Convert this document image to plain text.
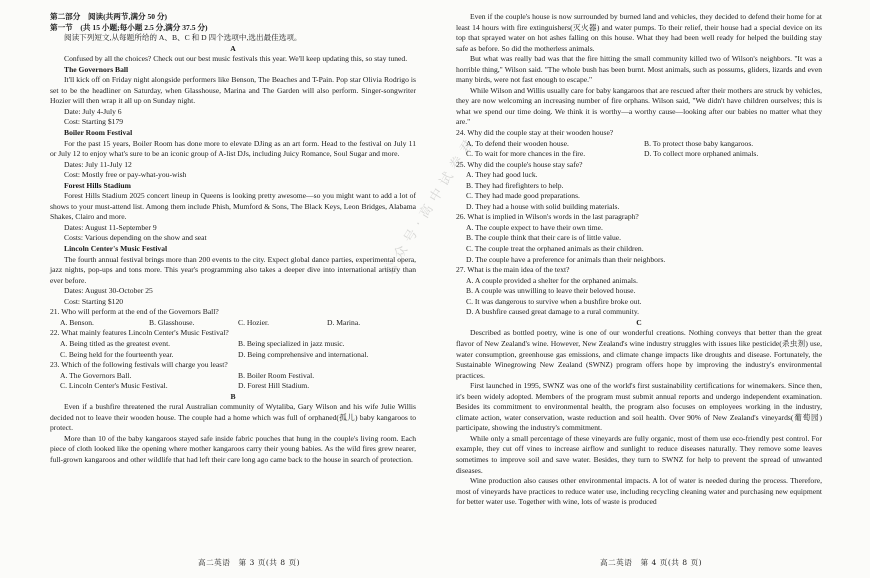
第二部分　阅读(共两节,满分 50 分)

第一节　(共 15 小题;每小题 2.5 分,满分 37.5 分)

阅读下列短文,从每题所给的 A、B、C 和 D 四个选项中,选出最佳选项。

A

Confused by all the choices? Check out our best music festivals this year. We'll keep updating this, so stay tuned.

The Governors Ball

It'll kick off on Friday night alongside performers like Benson, The Beaches and T-Pain. Pop star Olivia Rodrigo is set to be the headliner on Saturday, when Glasshouse, Marina and The Garden will also perform. Singer-songwriter Hozier will then wrap it all up on Sunday night.

Date: July 4-July 6

Cost: Starting $179

Boiler Room Festival

For the past 15 years, Boiler Room has done more to elevate DJing as an art form. Head to the festival on July 11 or July 12 to enjoy what's sure to be an iconic group of A-list DJs, including Juicy Romance, Soul Sugar and more.

Dates: July 11-July 12

Cost: Mostly free or pay-what-you-wish

Forest Hills Stadium

Forest Hills Stadium 2025 concert lineup in Queens is looking pretty awesome—so you might want to add a lot of shows to your must-attend list. Among them include Phish, Mumford & Sons, The Black Keys, Leon Bridges, Alabama Shakes, Clairo and more.

Dates: August 11-September 9

Costs: Various depending on the show and seat

Lincoln Center's Music Festival

The fourth annual festival brings more than 200 events to the city. Expect global dance parties, experimental opera, jazz nights, pop-ups and tons more. This year's programming also takes a deeper dive into international artistry than ever before.

Dates: August 30-October 25

Cost: Starting $120

21. Who will perform at the end of the Governors Ball?

A. Benson.	B. Glasshouse.	C. Hozier.	D. Marina.

22. What mainly features Lincoln Center's Music Festival?

A. Being titled as the greatest event.	B. Being specialized in jazz music.
C. Being held for the fourteenth year.	D. Being comprehensive and international.

23. Which of the following festivals will charge you least?

A. The Governors Ball.	B. Boiler Room Festival.
C. Lincoln Center's Music Festival.	D. Forest Hill Stadium.

B

Even if a bushfire threatened the rural Australian community of Wytaliba, Gary Wilson and his wife Julie Willis decided not to leave their wooden house. The couple had a home which was full of orphaned(孤儿) baby kangaroos to protect.

More than 10 of the baby kangaroos stayed safe inside fabric pouches that hung in the couple's living room. Each piece of cloth looked like the opening where mother kangaroos carry their young babies. As the wild fires grew nearer, full-grown kangaroos and other wildlife that had left their care long ago came back to the house in search of protection.

Even if the couple's house is now surrounded by burned land and vehicles, they decided to defend their home for at least 14 hours with fire extinguishers(灭火器) and water pumps. To their relief, their house had a special device on its top that sprayed water on hot ashes falling on this house. What they had been well ready for helped the building stay safe as before. So did the motherless animals.

But what was really bad was that the fire hitting the small community killed two of Wilson's neighbors. "It was a horrible thing," Wilson said. "The whole bush has been burnt. Most animals, such as possums, gliders, lizards and even many birds, were not fast enough to escape."

While Wilson and Willis usually care for baby kangaroos that are rescued after their mothers are struck by vehicles, they are now welcoming an increasing number of fire orphans. Wilson said, "We didn't have children ourselves; this is what we spend our time doing. We think it is worthy—a worthy cause—looking after our babies no matter what they are."

24. Why did the couple stay at their wooden house?

A. To defend their wooden house.	B. To protect those baby kangaroos.
C. To wait for more chances in the fire.	D. To collect more orphaned animals.

25. Why did the couple's house stay safe?

A. They had good luck.

B. They had firefighters to help.

C. They had made good preparations.

D. They had a house with solid building materials.

26. What is implied in Wilson's words in the last paragraph?

A. The couple expect to have their own time.

B. The couple think that their care is of little value.

C. The couple treat the orphaned animals as their children.

D. The couple have a preference for animals than their neighbors.

27. What is the main idea of the text?

A. A couple provided a shelter for the orphaned animals.

B. A couple was unwilling to leave their beloved house.

C. It was dangerous to survive when a bushfire broke out.

D. A bushfire caused great damage to a rural community.

C

Described as bottled poetry, wine is one of our wonderful creations. Nothing conveys that better than the great flavor of New Zealand's wine. However, New Zealand's wine industry struggles with issues like pesticide(杀虫剂) use, water consumption, greenhouse gas emissions, and climate change impacts like droughts and disease. Fortunately, the Sustainable Winegrowing New Zealand (SWNZ) program offers hope by improving the industry's environmental practices.

First launched in 1995, SWNZ was one of the world's first sustainability certifications for winemakers. Since then, it's been widely adopted. Members of the program must submit annual reports and undergo independent examination. Besides its commitment to environmental health, the program also focuses on employees working in the industry, climate action, water conservation, waste reduction and soil health. Over 90% of New Zealand's vineyards(葡萄园) participate, showing the industry's commitment.

While only a small percentage of these vineyards are fully organic, most of them use eco-friendly pest control. For example, they cut off vines to increase airflow and sunlight to reduce diseases naturally. They remove some leaves sometimes to improve soil and save water. Besides, they turn to SWNZ for help to prevent the spread of unwanted diseases.

Wine production also causes other environmental impacts. A lot of water is needed during the process. Therefore, most of vineyards have practices to reduce water use, including recycling cleaning water and purchasing new equipment for better water use. Together with wine, lots of waste is produced

高二英语　第 3 页(共 8 页)	高二英语　第 4 页(共 8 页)
公众号·高中试卷君
